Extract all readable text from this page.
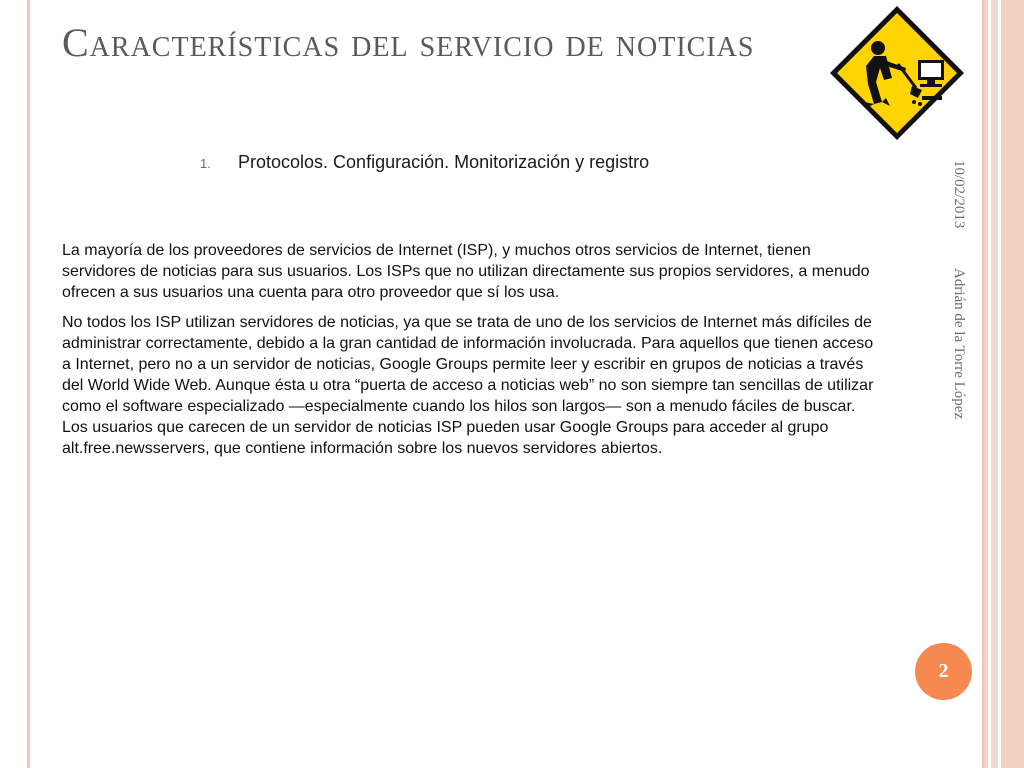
Características del servicio de noticias
1. Protocolos. Configuración. Monitorización y registro

La mayoría de los proveedores de servicios de Internet (ISP), y muchos otros servicios de Internet, tienen servidores de noticias para sus usuarios. Los ISPs que no utilizan directamente sus propios servidores, a menudo ofrecen a sus usuarios una cuenta para otro proveedor que sí los usa.

No todos los ISP utilizan servidores de noticias, ya que se trata de uno de los servicios de Internet más difíciles de administrar correctamente, debido a la gran cantidad de información involucrada. Para aquellos que tienen acceso a Internet, pero no a un servidor de noticias, Google Groups permite leer y escribir en grupos de noticias a través del World Wide Web. Aunque ésta u otra “puerta de acceso a noticias web” no son siempre tan sencillas de utilizar como el software especializado —especialmente cuando los hilos son largos— son a menudo fáciles de buscar. Los usuarios que carecen de un servidor de noticias ISP pueden usar Google Groups para acceder al grupo alt.free.newsservers, que contiene información sobre los nuevos servidores abiertos.

10/02/2013
Adrián de la Torre López
2
